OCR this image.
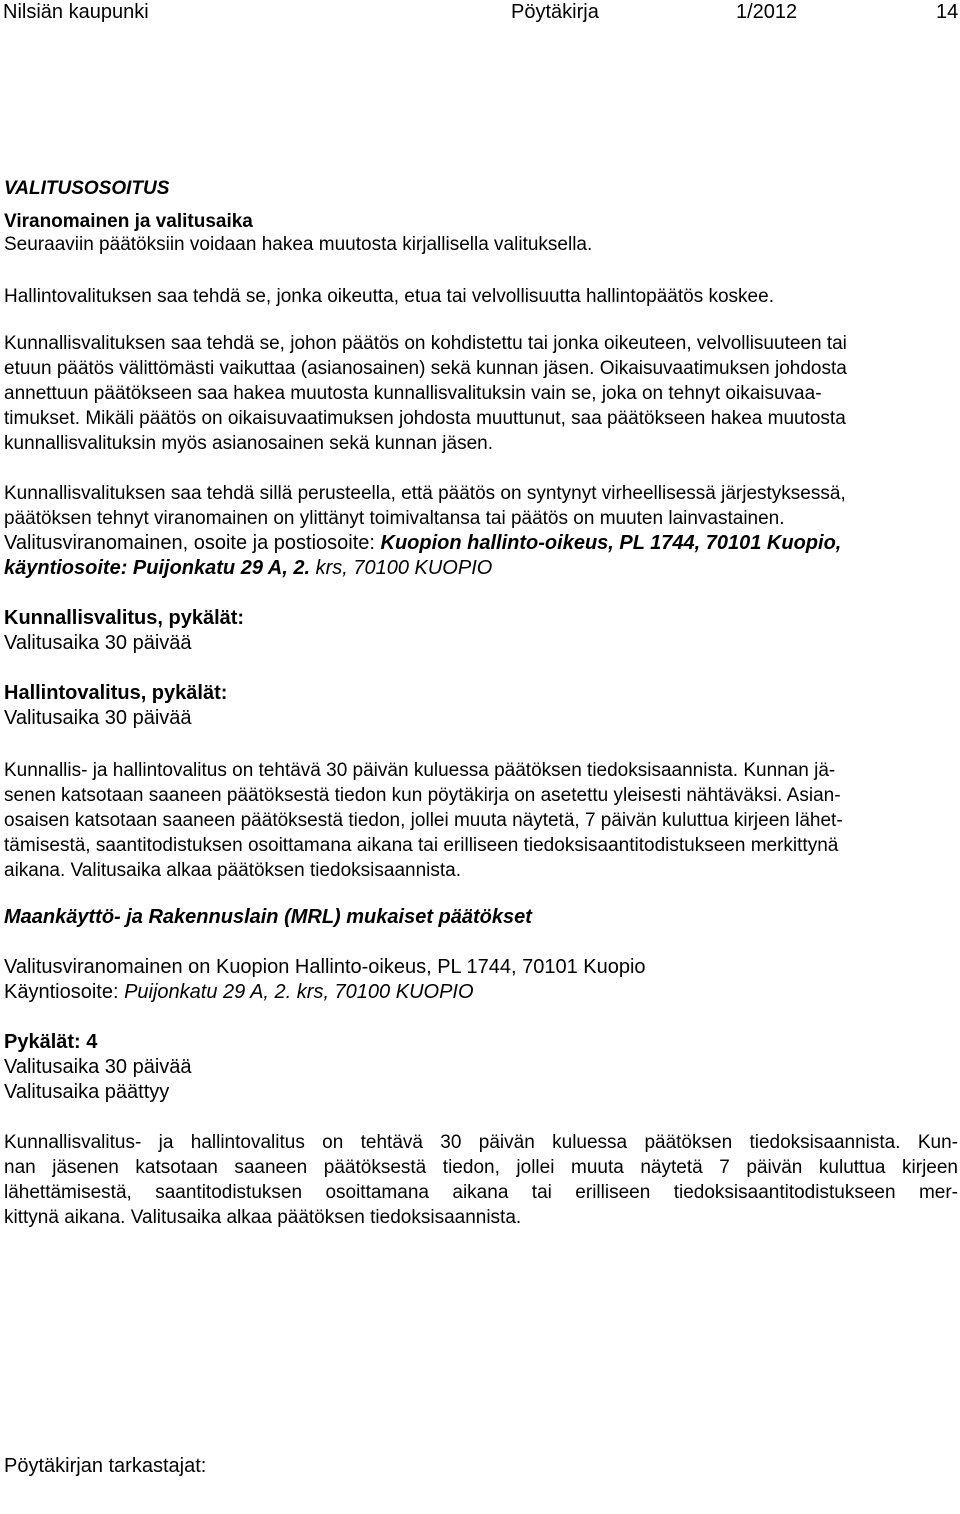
Nilsiän kaupunki	Pöytäkirja	1/2012	14
VALITUSOSOITUS
Viranomainen ja valitusaika
Seuraaviin päätöksiin voidaan hakea muutosta kirjallisella valituksella.
Hallintovalituksen saa tehdä se, jonka oikeutta, etua tai velvollisuutta hallintopäätös koskee.

Kunnallisvalituksen saa tehdä se, johon päätös on kohdistettu tai jonka oikeuteen, velvollisuuteen tai

etuun päätös välittömästi vaikuttaa (asianosainen) sekä kunnan jäsen. Oikaisuvaatimuksen johdosta

annettuun päätökseen saa hakea muutosta kunnallisvalituksin vain se, joka on tehnyt oikaisuvaa-

timukset. Mikäli päätös on oikaisuvaatimuksen johdosta muuttunut, saa päätökseen hakea muutosta

kunnallisvalituksin myös asianosainen sekä kunnan jäsen.

Kunnallisvalituksen saa tehdä sillä perusteella, että päätös on syntynyt virheellisessä järjestyksessä,

päätöksen tehnyt viranomainen on ylittänyt toimivaltansa tai päätös on muuten lainvastainen.

Valitusviranomainen, osoite ja postiosoite: Kuopion hallinto-oikeus, PL 1744, 70101 Kuopio,

käyntiosoite: Puijonkatu 29 A, 2. krs, 70100 KUOPIO

Kunnallisvalitus, pykälät:
Valitusaika 30 päivää
Hallintovalitus, pykälät:
Valitusaika 30 päivää

Kunnallis- ja hallintovalitus on tehtävä 30 päivän kuluessa päätöksen tiedoksisaannista. Kunnan jä-

senen katsotaan saaneen päätöksestä tiedon kun pöytäkirja on asetettu yleisesti nähtäväksi. Asian-

osaisen katsotaan saaneen päätöksestä tiedon, jollei muuta näytetä, 7 päivän kuluttua kirjeen lähet-

tämisestä, saantitodistuksen osoittamana aikana tai erilliseen tiedoksisaantitodistukseen merkittynä

aikana. Valitusaika alkaa päätöksen tiedoksisaannista.

Maankäyttö- ja Rakennuslain (MRL) mukaiset päätökset
Valitusviranomainen on Kuopion Hallinto-oikeus, PL 1744, 70101 Kuopio
Käyntiosoite: Puijonkatu 29 A, 2. krs, 70100 KUOPIO
Pykälät: 4
Valitusaika 30 päivää
Valitusaika päättyy

Kunnallisvalitus- ja hallintovalitus on tehtävä 30 päivän kuluessa päätöksen tiedoksisaannista. Kun-

nan jäsenen katsotaan saaneen päätöksestä tiedon, jollei muuta näytetä 7 päivän kuluttua kirjeen

lähettämisestä, saantitodistuksen osoittamana aikana tai erilliseen tiedoksisaantitodistukseen mer-

kittynä aikana. Valitusaika alkaa päätöksen tiedoksisaannista.

Pöytäkirjan tarkastajat:
